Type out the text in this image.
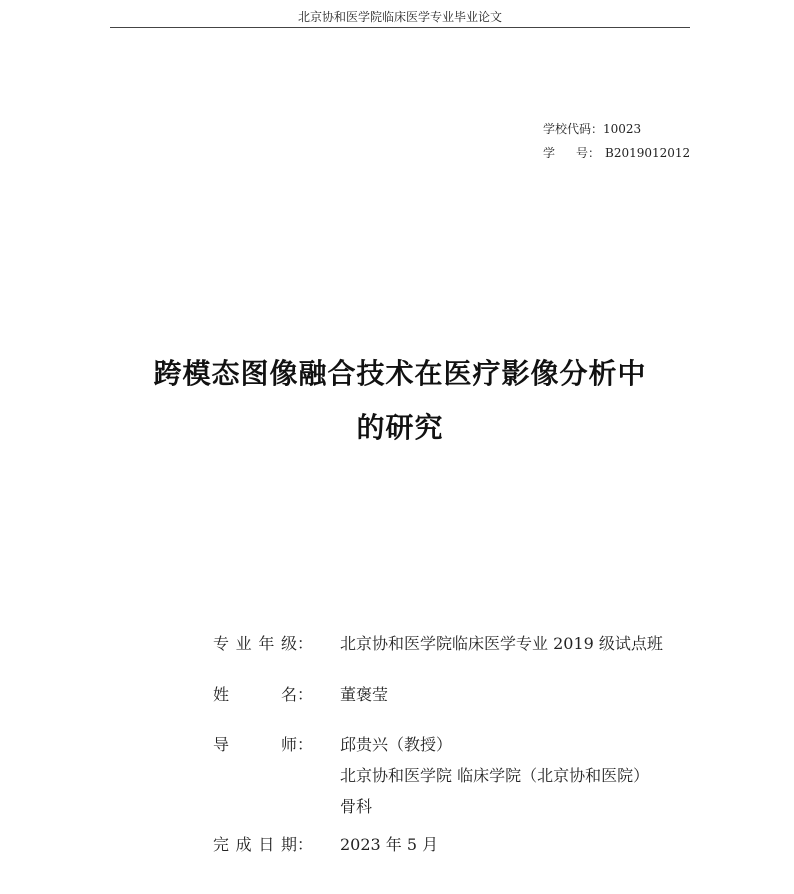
北京协和医学院临床医学专业毕业论文
学校代码：10023
学 号： B2019012012
跨模态图像融合技术在医疗影像分析中
的研究
专 业 年 级： 北京协和医学院临床医学专业 2019 级试点班
姓	名： 董褒莹
导	师： 邱贵兴（教授）
北京协和医学院 临床学院（北京协和医院）
骨科
完 成 日 期： 2023 年 5 月
